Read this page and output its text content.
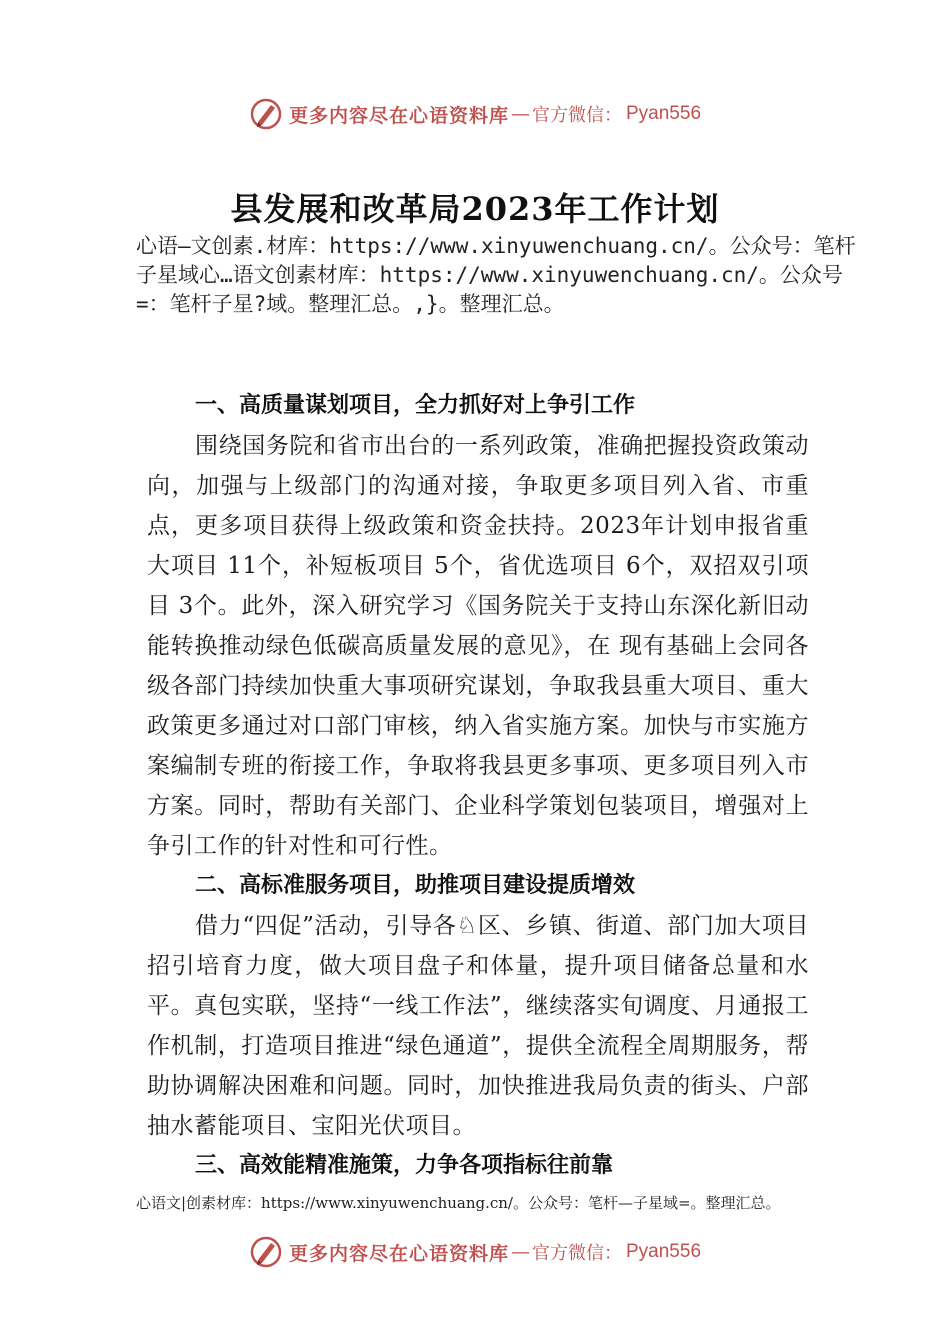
更多内容尽在心语资料库 — 官方微信： Pyan556
县发展和改革局2023年工作计划
心语—文创素.材库：https://www.xinyuwenchuang.cn/。公众号：笔杆子星域心…语文创素材库：https://www.xinyuwenchuang.cn/。公众号=：笔杆子星?域。整理汇总。,}。整理汇总。

一、高质量谋划项目，全力抓好对上争引工作

围绕国务院和省市出台的一系列政策，准确把握投资政策动向，加强与上级部门的沟通对接，争取更多项目列入省、市重点，更多项目获得上级政策和资金扶持。2023年计划申报省重大项目 11个，补短板项目 5个，省优选项目 6个，双招双引项目 3个。此外，深入研究学习《国务院关于支持山东深化新旧动能转换推动绿色低碳高质量发展的意见》，在 现有基础上会同各级各部门持续加快重大事项研究谋划，争取我县重大项目、重大政策更多通过对口部门审核，纳入省实施方案。加快与市实施方案编制专班的衔接工作，争取将我县更多事项、更多项目列入市方案。同时，帮助有关部门、企业科学策划包装项目，增强对上争引工作的针对性和可行性。

二、高标准服务项目，助推项目建设提质增效

借力“四促”活动，引导各♘区、乡镇、街道、部门加大项目招引培育力度，做大项目盘子和体量，提升项目储备总量和水平。真包实联，坚持“一线工作法”，继续落实旬调度、月通报工作机制，打造项目推进“绿色通道”，提供全流程全周期服务，帮助协调解决困难和问题。同时，加快推进我局负责的街头、户部抽水蓄能项目、宝阳光伏项目。

三、高效能精准施策，力争各项指标往前靠

心语文|创素材库：https://www.xinyuwenchuang.cn/。公众号：笔杆—子星域=。整理汇总。
更多内容尽在心语资料库 — 官方微信： Pyan556
